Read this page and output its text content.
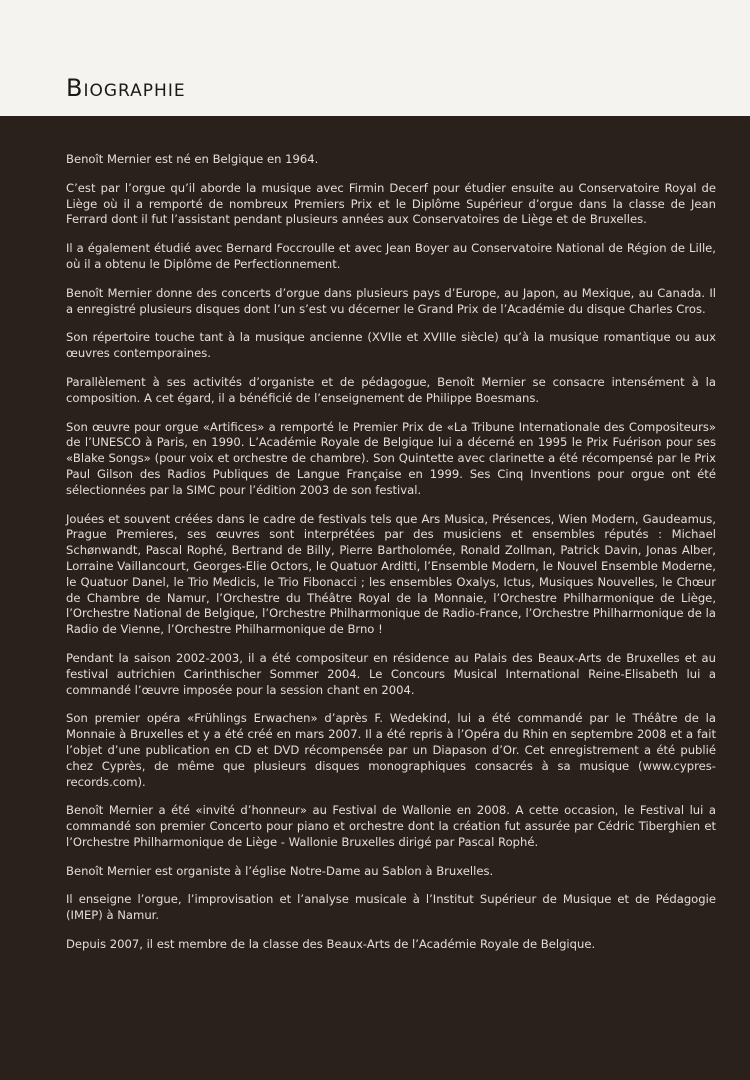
Biographie

Benoît Mernier est né en Belgique en 1964.

C’est par l’orgue qu’il aborde la musique avec Firmin Decerf pour étudier ensuite au Conservatoire Royal de Liège où il a remporté de nombreux Premiers Prix et le Diplôme Supérieur d’orgue dans la classe de Jean Ferrard dont il fut l’assistant pendant plusieurs années aux Conservatoires de Liège et de Bruxelles.

Il a également étudié avec Bernard Foccroulle et avec Jean Boyer au Conservatoire National de Région de Lille, où il a obtenu le Diplôme de Perfectionnement.

Benoît Mernier donne des concerts d’orgue dans plusieurs pays d’Europe, au Japon, au Mexique, au Canada. Il a enregistré plusieurs disques dont l’un s’est vu décerner le Grand Prix de l’Académie du disque Charles Cros.

Son répertoire touche tant à la musique ancienne (XVIIe et XVIIIe siècle) qu’à la musique romantique ou aux œuvres contemporaines.

Parallèlement à ses activités d’organiste et de pédagogue, Benoît Mernier se consacre intensément à la composition. A cet égard, il a bénéficié de l’enseignement de Philippe Boesmans.

Son œuvre pour orgue «Artifices» a remporté le Premier Prix de «La Tribune Internationale des Compositeurs» de l’UNESCO à Paris, en 1990. L’Académie Royale de Belgique lui a décerné en 1995 le Prix Fuérison pour ses «Blake Songs» (pour voix et orchestre de chambre). Son Quintette avec clarinette a été récompensé par le Prix Paul Gilson des Radios Publiques de Langue Française en 1999. Ses Cinq Inventions pour orgue ont été sélectionnées par la SIMC pour l’édition 2003 de son festival.

Jouées et souvent créées dans le cadre de festivals tels que Ars Musica, Présences, Wien Modern, Gaudeamus, Prague Premieres, ses œuvres sont interprétées par des musiciens et ensembles réputés : Michael Schønwandt, Pascal Rophé, Bertrand de Billy, Pierre Bartholomée, Ronald Zollman, Patrick Davin, Jonas Alber, Lorraine Vaillancourt, Georges-Elie Octors, le Quatuor Arditti, l’Ensemble Modern, le Nouvel Ensemble Moderne, le Quatuor Danel, le Trio Medicis, le Trio Fibonacci ; les ensembles Oxalys, Ictus, Musiques Nouvelles, le Chœur de Chambre de Namur, l’Orchestre du Théâtre Royal de la Monnaie, l’Orchestre Philharmonique de Liège, l’Orchestre National de Belgique, l’Orchestre Philharmonique de Radio-France, l’Orchestre Philharmonique de la Radio de Vienne, l’Orchestre Philharmonique de Brno !

Pendant la saison 2002-2003, il a été compositeur en résidence au Palais des Beaux-Arts de Bruxelles et au festival autrichien Carinthischer Sommer 2004. Le Concours Musical International Reine-Elisabeth lui a commandé l’œuvre imposée pour la session chant en 2004.

Son premier opéra «Frühlings Erwachen» d’après F. Wedekind, lui a été commandé par le Théâtre de la Monnaie à Bruxelles et y a été créé en mars 2007. Il a été repris à l’Opéra du Rhin en septembre 2008 et a fait l’objet d’une publication en CD et DVD récompensée par un Diapason d’Or. Cet enregistrement a été publié chez Cyprès, de même que plusieurs disques monographiques consacrés à sa musique (www.cypres-records.com).

Benoît Mernier a été «invité d’honneur» au Festival de Wallonie en 2008. A cette occasion, le Festival lui a commandé son premier Concerto pour piano et orchestre dont la création fut assurée par Cédric Tiberghien et l’Orchestre Philharmonique de Liège - Wallonie Bruxelles dirigé par Pascal Rophé.

Benoît Mernier est organiste à l’église Notre-Dame au Sablon à Bruxelles.

Il enseigne l’orgue, l’improvisation et l’analyse musicale à l’Institut Supérieur de Musique et de Pédagogie (IMEP) à Namur.

Depuis 2007, il est membre de la classe des Beaux-Arts de l’Académie Royale de Belgique.
